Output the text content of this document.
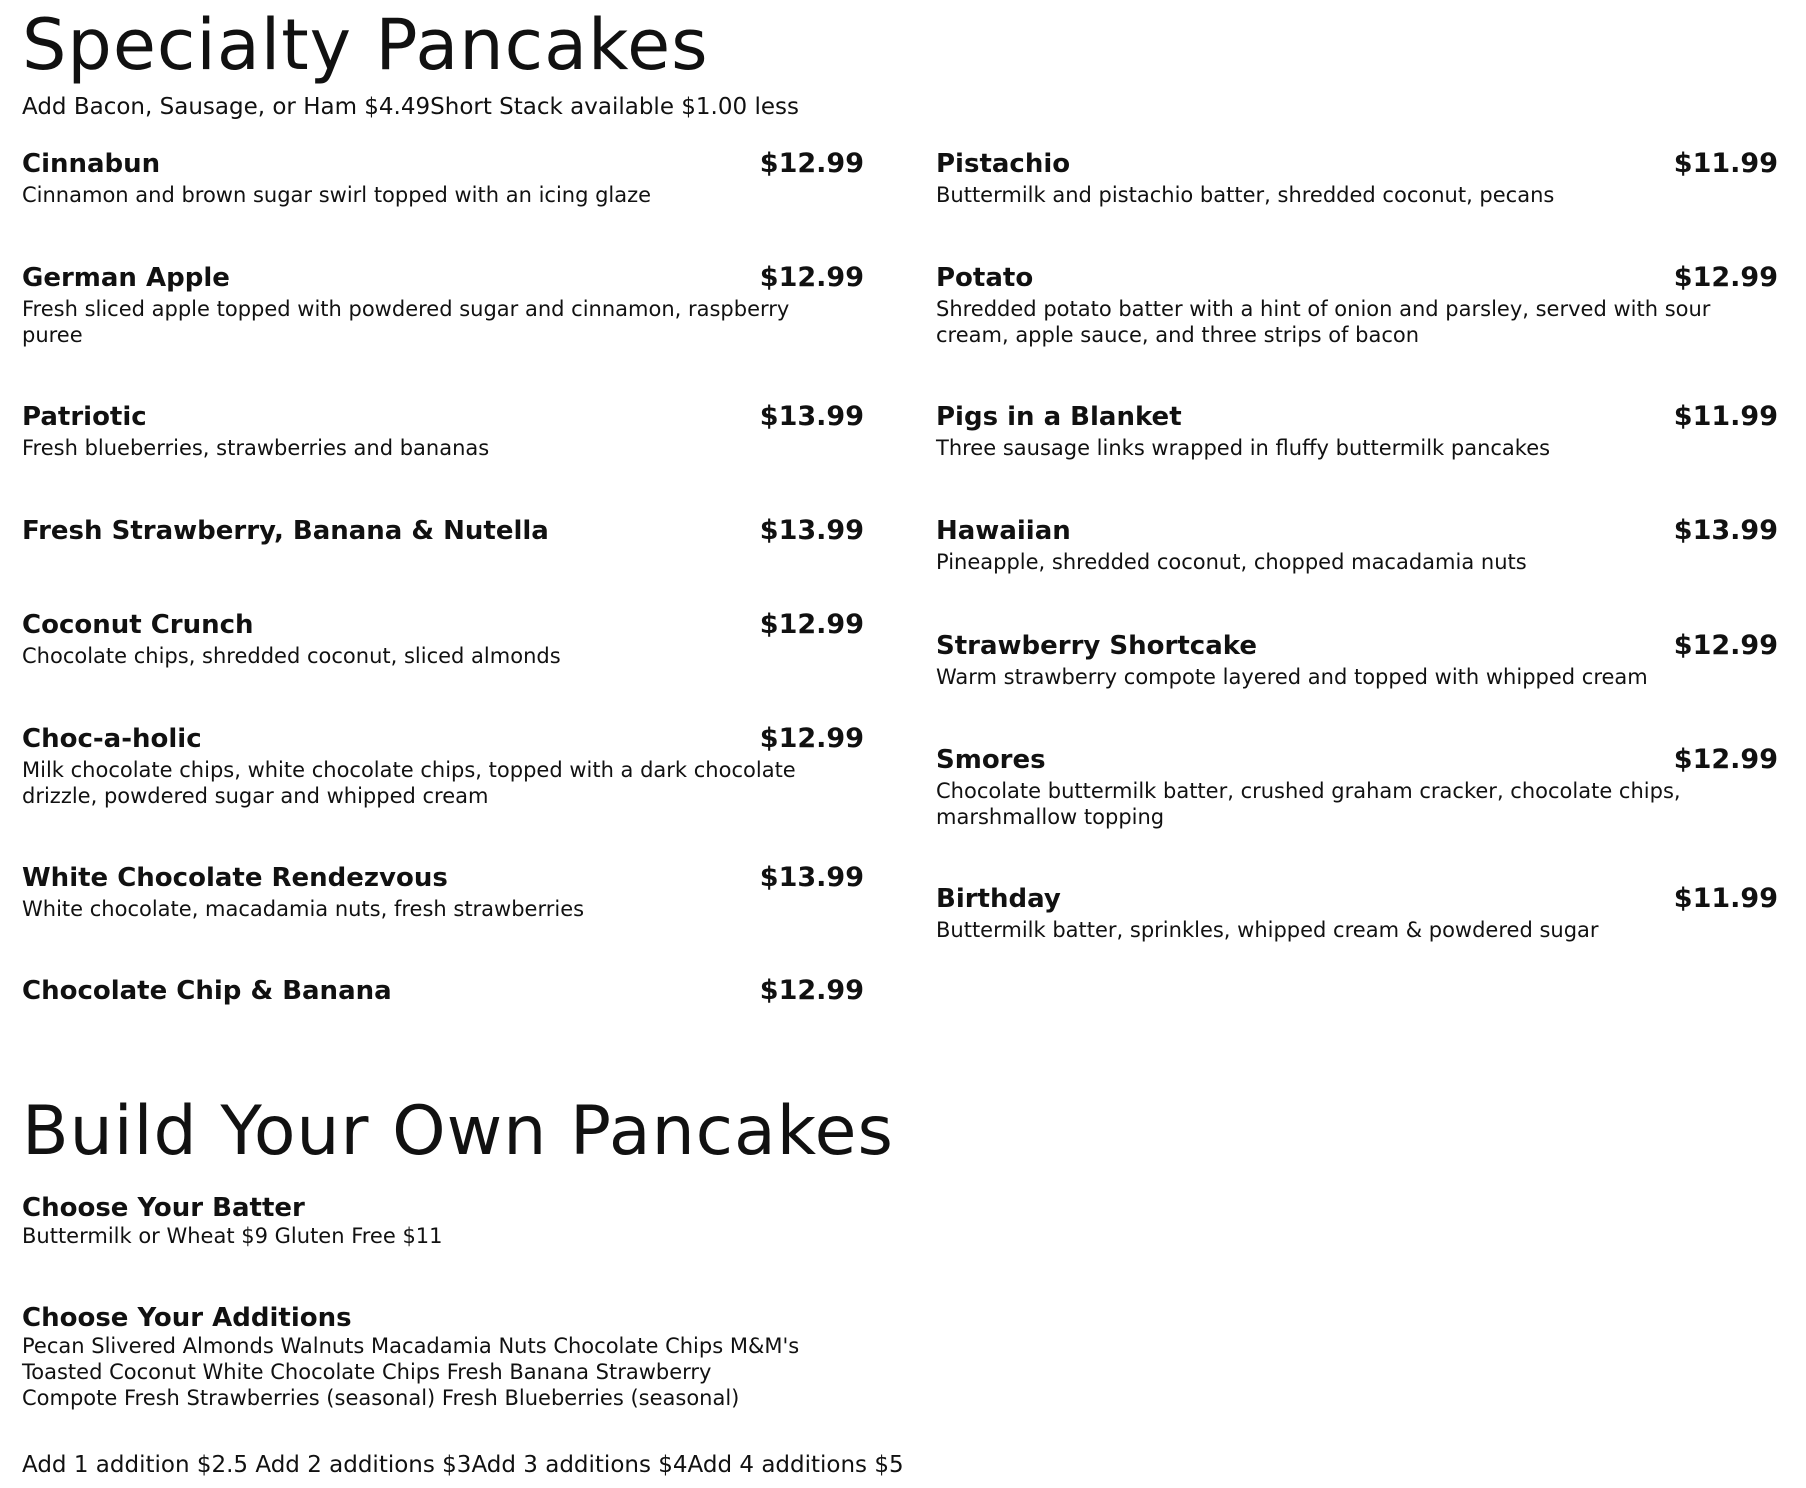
Specialty Pancakes
Add Bacon, Sausage, or Ham $4.49Short Stack available $1.00 less
Cinnabun	$12.99
Cinnamon and brown sugar swirl topped with an icing glaze
German Apple	$12.99
Fresh sliced apple topped with powdered sugar and cinnamon, raspberry puree
Patriotic	$13.99
Fresh blueberries, strawberries and bananas
Fresh Strawberry, Banana & Nutella	$13.99
Coconut Crunch	$12.99
Chocolate chips, shredded coconut, sliced almonds
Choc-a-holic	$12.99
Milk chocolate chips, white chocolate chips, topped with a dark chocolate drizzle, powdered sugar and whipped cream
White Chocolate Rendezvous	$13.99
White chocolate, macadamia nuts, fresh strawberries
Chocolate Chip & Banana	$12.99
Pistachio	$11.99
Buttermilk and pistachio batter, shredded coconut, pecans
Potato	$12.99
Shredded potato batter with a hint of onion and parsley, served with sour cream, apple sauce, and three strips of bacon
Pigs in a Blanket	$11.99
Three sausage links wrapped in fluffy buttermilk pancakes
Hawaiian	$13.99
Pineapple, shredded coconut, chopped macadamia nuts
Strawberry Shortcake	$12.99
Warm strawberry compote layered and topped with whipped cream
Smores	$12.99
Chocolate buttermilk batter, crushed graham cracker, chocolate chips, marshmallow topping
Birthday	$11.99
Buttermilk batter, sprinkles, whipped cream & powdered sugar
Build Your Own Pancakes
Choose Your Batter
Buttermilk or Wheat $9 Gluten Free $11
Choose Your Additions
Pecan Slivered Almonds Walnuts Macadamia Nuts Chocolate Chips M&M's
Toasted Coconut White Chocolate Chips Fresh Banana Strawberry
Compote Fresh Strawberries (seasonal) Fresh Blueberries (seasonal)
Add 1 addition $2.5 Add 2 additions $3Add 3 additions $4Add 4 additions $5
